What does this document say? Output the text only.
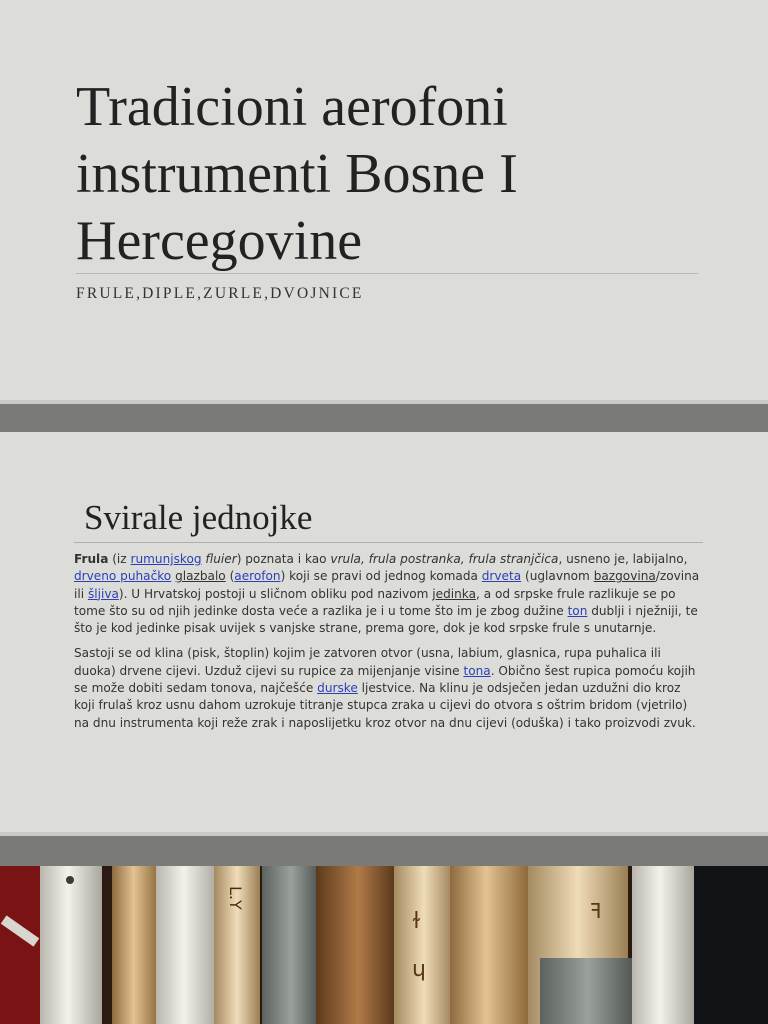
Tradicioni aerofoni instrumenti Bosne I Hercegovine
FRULE,DIPLE,ZURLE,DVOJNICE
Svirale jednojke

Frula (iz rumunjskog fluier) poznata i kao vrula, frula postranka, frula stranjčica, usneno je, labijalno, drveno puhačko glazbalo (aerofon) koji se pravi od jednog komada drveta (uglavnom bazgovina/zovina ili šljiva). U Hrvatskoj postoji u sličnom obliku pod nazivom jedinka, a od srpske frule razlikuje se po tome što su od njih jedinke dosta veće a razlika je i u tome što im je zbog dužine ton dublji i nježniji, te što je kod jedinke pisak uvijek s vanjske strane, prema gore, dok je kod srpske frule s unutarnje.

Sastoji se od klina (pisk, štoplin) kojim je zatvoren otvor (usna, labium, glasnica, rupa puhalica ili duoka) drvene cijevi. Uzduž cijevi su rupice za mijenjanje visine tona. Obično šest rupica pomoću kojih se može dobiti sedam tonova, najčešće durske ljestvice. Na klinu je odsječen jedan uzdužni dio kroz koji frulaš kroz usnu dahom uzrokuje titranje stupca zraka u cijevi do otvora s oštrim bridom (vjetrilo) na dnu instrumenta koji reže zrak i naposlijetku kroz otvor na dnu cijevi (oduška) i tako proizvodi zvuk.

L.Y
ɫ
ɥ
ꟻ
